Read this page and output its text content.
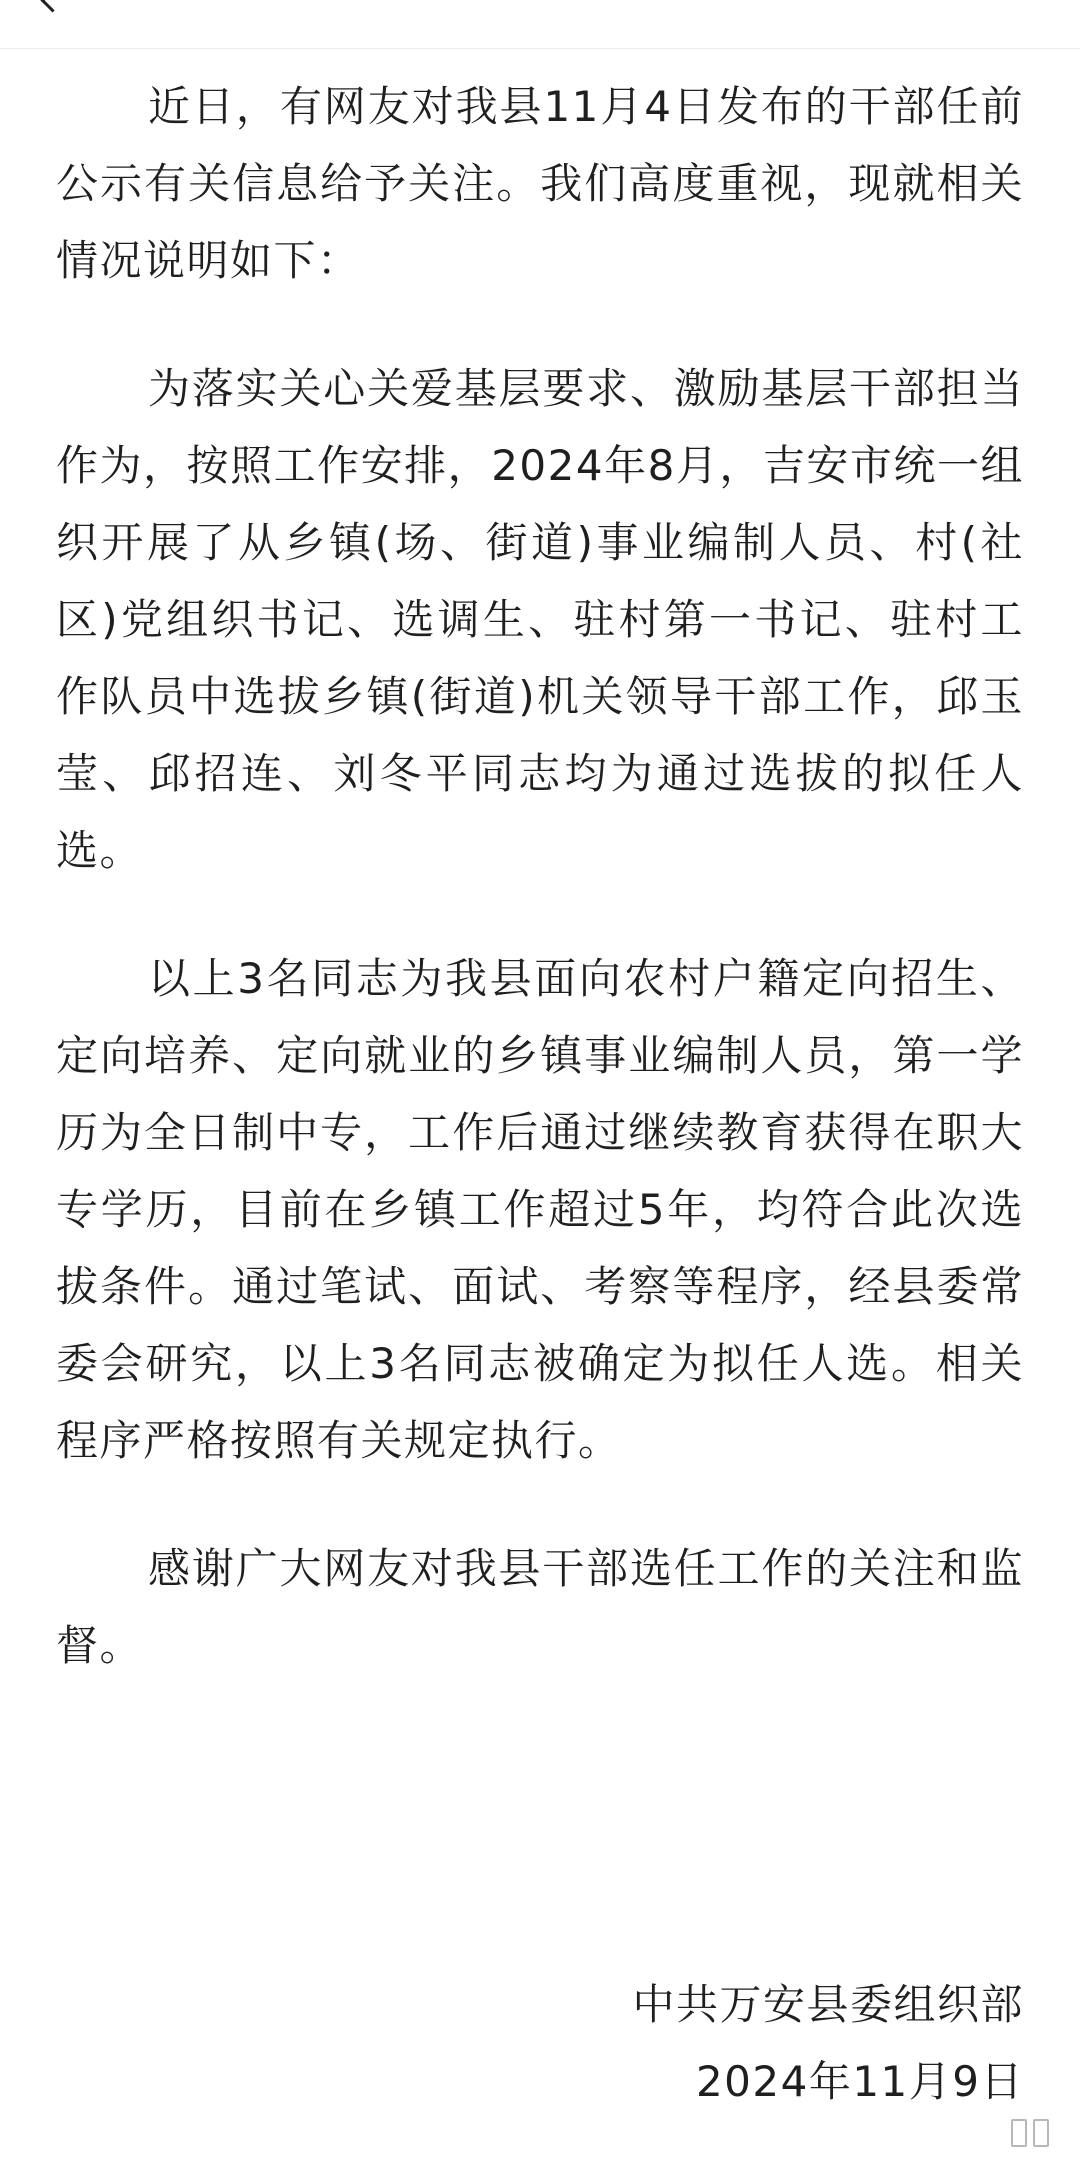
近日，有网友对我县11月4日发布的干部任前公示有关信息给予关注。我们高度重视，现就相关情况说明如下：

为落实关心关爱基层要求、激励基层干部担当作为，按照工作安排，2024年8月，吉安市统一组织开展了从乡镇(场、街道)事业编制人员、村(社区)党组织书记、选调生、驻村第一书记、驻村工作队员中选拔乡镇(街道)机关领导干部工作，邱玉莹、邱招连、刘冬平同志均为通过选拔的拟任人选。

以上3名同志为我县面向农村户籍定向招生、定向培养、定向就业的乡镇事业编制人员，第一学历为全日制中专，工作后通过继续教育获得在职大专学历，目前在乡镇工作超过5年，均符合此次选拔条件。通过笔试、面试、考察等程序，经县委常委会研究，以上3名同志被确定为拟任人选。相关程序严格按照有关规定执行。

感谢广大网友对我县干部选任工作的关注和监督。

中共万安县委组织部
2024年11月9日
